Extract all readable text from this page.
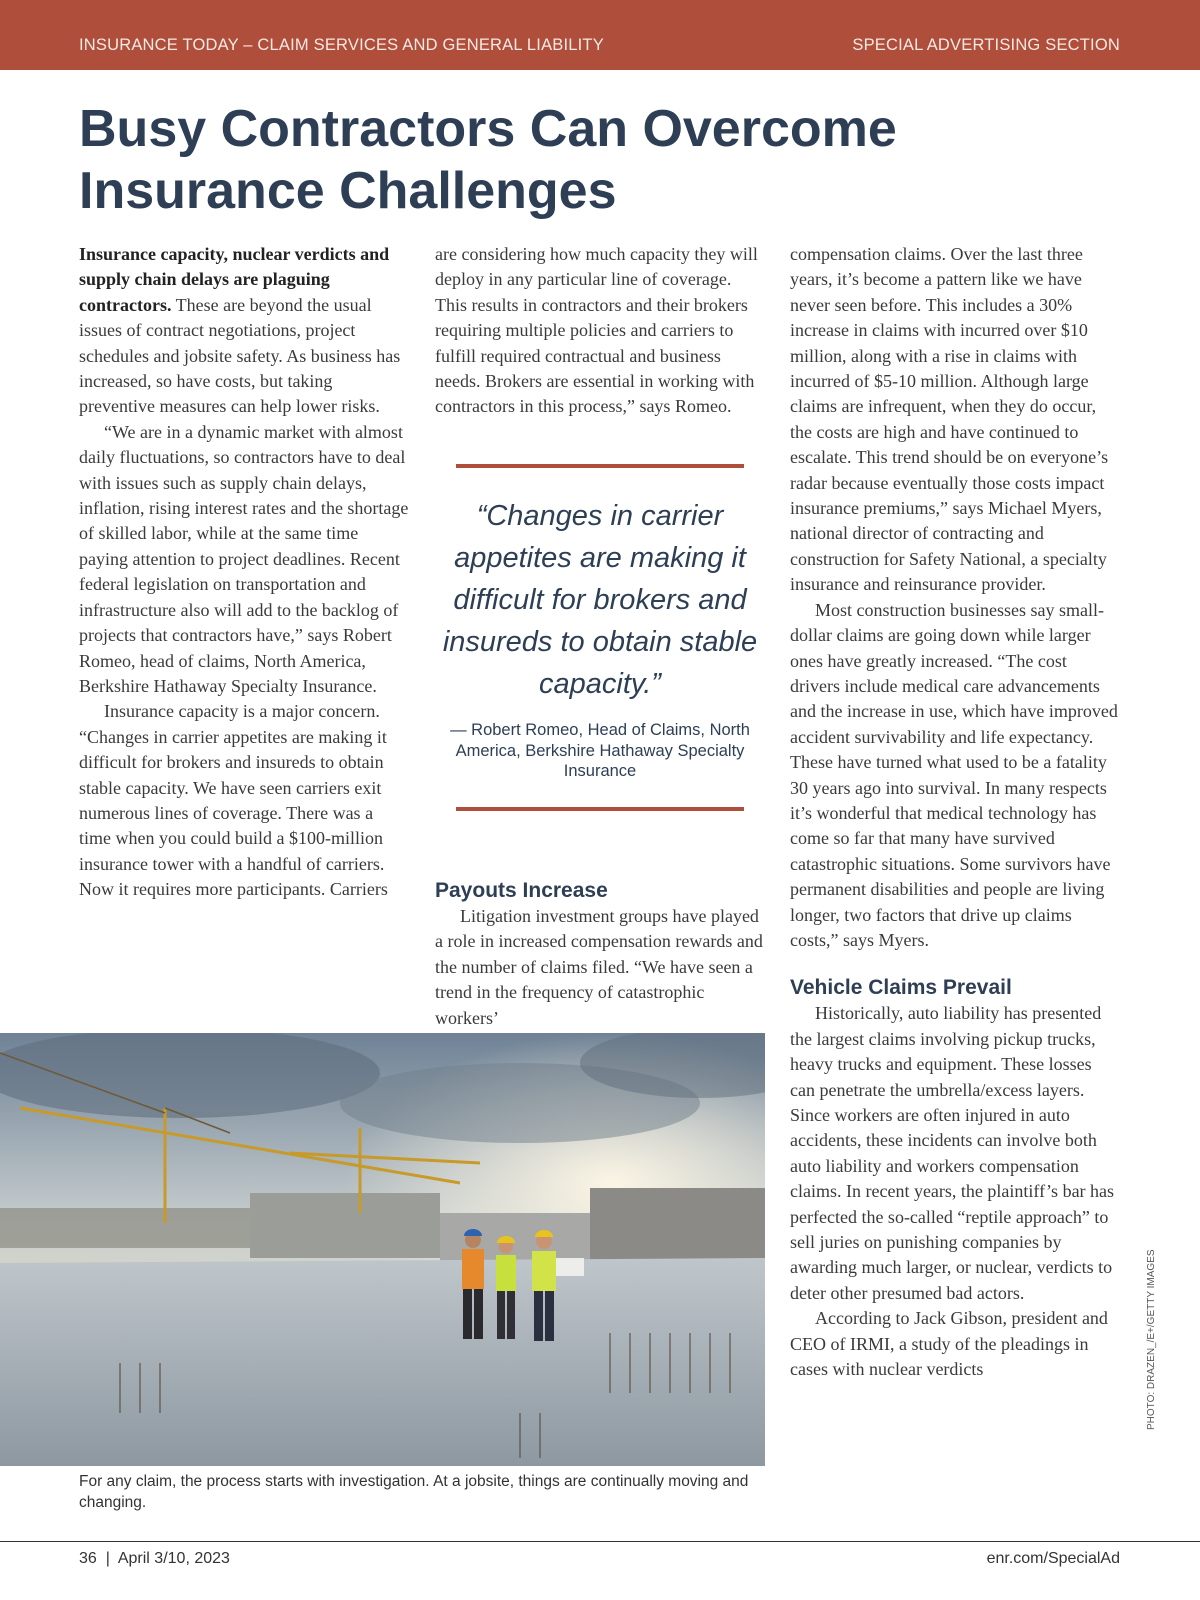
INSURANCE TODAY – CLAIM SERVICES AND GENERAL LIABILITY	SPECIAL ADVERTISING SECTION
Busy Contractors Can Overcome Insurance Challenges

Insurance capacity, nuclear verdicts and supply chain delays are plaguing contractors. These are beyond the usual issues of contract negotiations, project schedules and jobsite safety. As business has increased, so have costs, but taking preventive measures can help lower risks.

“We are in a dynamic market with almost daily fluctuations, so contractors have to deal with issues such as supply chain delays, inflation, rising interest rates and the shortage of skilled labor, while at the same time paying attention to project deadlines. Recent federal legislation on transportation and infrastructure also will add to the backlog of projects that contractors have,” says Robert Romeo, head of claims, North America, Berkshire Hathaway Specialty Insurance.

Insurance capacity is a major concern. “Changes in carrier appetites are making it difficult for brokers and insureds to obtain stable capacity. We have seen carriers exit numerous lines of coverage. There was a time when you could build a $100-million insurance tower with a handful of carriers. Now it requires more participants. Carriers

are considering how much capacity they will deploy in any particular line of coverage. This results in contractors and their brokers requiring multiple policies and carriers to fulfill required contractual and business needs. Brokers are essential in working with contractors in this process,” says Romeo.

“Changes in carrier appetites are making it difficult for brokers and insureds to obtain stable capacity.”

— Robert Romeo, Head of Claims, North America, Berkshire Hathaway Specialty Insurance

Payouts Increase

Litigation investment groups have played a role in increased compensation rewards and the number of claims filed. “We have seen a trend in the frequency of catastrophic workers’

compensation claims. Over the last three years, it’s become a pattern like we have never seen before. This includes a 30% increase in claims with incurred over $10 million, along with a rise in claims with incurred of $5-10 million. Although large claims are infrequent, when they do occur, the costs are high and have continued to escalate. This trend should be on everyone’s radar because eventually those costs impact insurance premiums,” says Michael Myers, national director of contracting and construction for Safety National, a specialty insurance and reinsurance provider.

Most construction businesses say small-dollar claims are going down while larger ones have greatly increased. “The cost drivers include medical care advancements and the increase in use, which have improved accident survivability and life expectancy. These have turned what used to be a fatality 30 years ago into survival. In many respects it’s wonderful that medical technology has come so far that many have survived catastrophic situations. Some survivors have permanent disabilities and people are living longer, two factors that drive up claims costs,” says Myers.

Vehicle Claims Prevail

Historically, auto liability has presented the largest claims involving pickup trucks, heavy trucks and equipment. These losses can penetrate the umbrella/excess layers. Since workers are often injured in auto accidents, these incidents can involve both auto liability and workers compensation claims. In recent years, the plaintiff’s bar has perfected the so-called “reptile approach” to sell juries on punishing companies by awarding much larger, or nuclear, verdicts to deter other presumed bad actors.

According to Jack Gibson, president and CEO of IRMI, a study of the pleadings in cases with nuclear verdicts

For any claim, the process starts with investigation. At a jobsite, things are continually moving and changing.

PHOTO: DRAZEN_/E+/GETTY IMAGES
36  |  April 3/10, 2023	enr.com/SpecialAd
